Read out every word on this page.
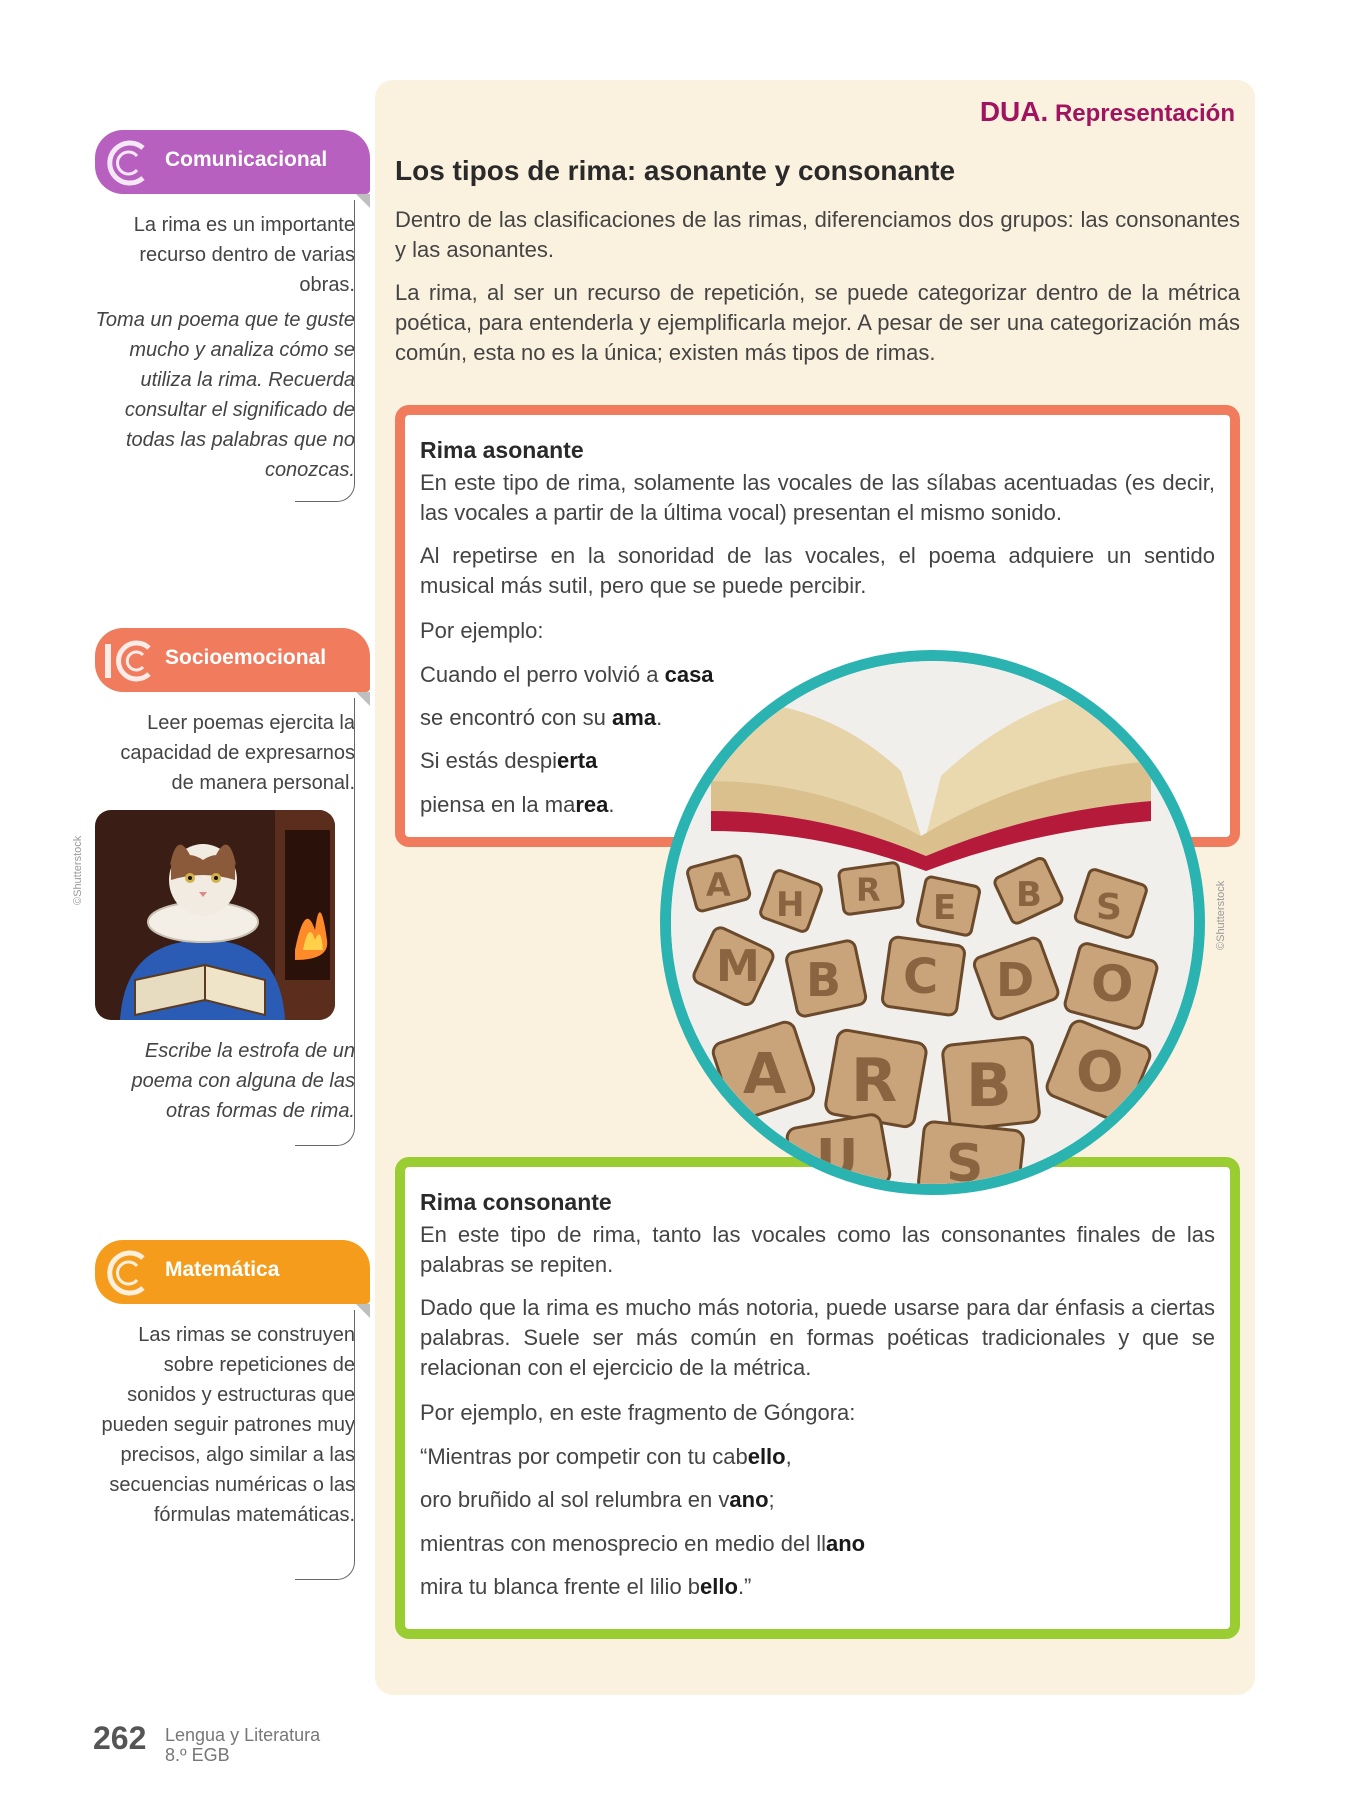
DUA. Representación
Los tipos de rima: asonante y consonante

Dentro de las clasificaciones de las rimas, diferenciamos dos grupos: las consonantes y las asonantes.

La rima, al ser un recurso de repetición, se puede categorizar dentro de la métrica poética, para entenderla y ejemplificarla mejor. A pesar de ser una categorización más común, esta no es la única; existen más tipos de rimas.

Rima asonante

En este tipo de rima, solamente las vocales de las sílabas acentuadas (es decir, las vocales a partir de la última vocal) presentan el mismo sonido.

Al repetirse en la sonoridad de las vocales, el poema adquiere un sentido musical más sutil, pero que se puede percibir.

Por ejemplo:
Cuando el perro volvió a casa
se encontró con su ama.
Si estás despierta
piensa en la marea.
Rima consonante

En este tipo de rima, tanto las vocales como las consonantes finales de las palabras se repiten.

Dado que la rima es mucho más notoria, puede usarse para dar énfasis a ciertas palabras. Suele ser más común en formas poéticas tradicionales y que se relacionan con el ejercicio de la métrica.

Por ejemplo, en este fragmento de Góngora:
“Mientras por competir con tu cabello,
oro bruñido al sol relumbra en vano;
mientras con menosprecio en medio del llano
mira tu blanca frente el lilio bello.”
A H R E B S
M B C D O
A R B O
U S
©Shutterstock
Comunicacional

La rima es un importante recurso dentro de varias obras.

Toma un poema que te guste mucho y analiza cómo se utiliza la rima. Recuerda consultar el significado de todas las palabras que no conozcas.

Socioemocional

Leer poemas ejercita la capacidad de expresarnos de manera personal.

©Shutterstock

Escribe la estrofa de un poema con alguna de las otras formas de rima.

Matemática

Las rimas se construyen sobre repeticiones de sonidos y estructuras que pueden seguir patrones muy precisos, algo similar a las secuencias numéricas o las fórmulas matemáticas.

262 Lengua y Literatura
8.º EGB
